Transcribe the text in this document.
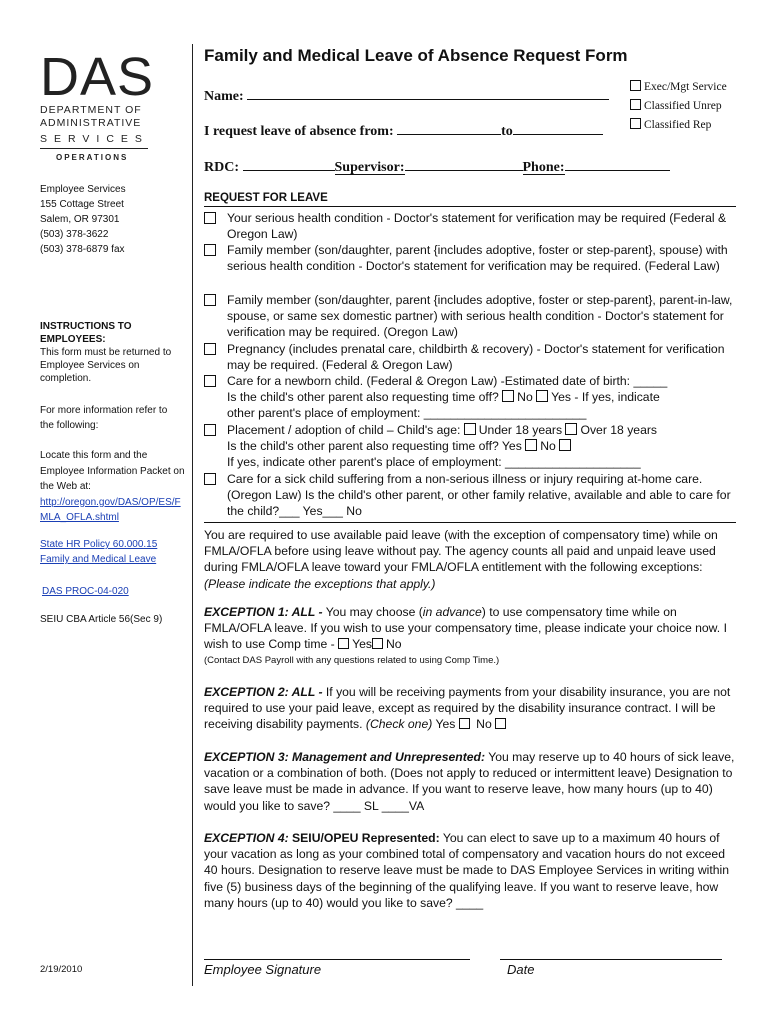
DAS
DEPARTMENT OF
ADMINISTRATIVE
SERVICES
OPERATIONS
Employee Services
155 Cottage Street
Salem, OR 97301
(503) 378-3622
(503) 378-6879 fax
INSTRUCTIONS TO EMPLOYEES:
This form must be returned to Employee Services on completion.
For more information refer to the following:
Locate this form and the Employee Information Packet on the Web at:
http://oregon.gov/DAS/OP/ES/FMLA_OFLA.shtml
State HR Policy 60.000.15 Family and Medical Leave
DAS PROC-04-020
SEIU CBA Article 56(Sec 9)
2/19/2010
Family and Medical Leave of Absence Request Form
Name:
I request leave of absence from:	to
Exec/Mgt Service
Classified Unrep
Classified Rep
RDC:	Supervisor:	Phone:
REQUEST FOR LEAVE
Your serious health condition - Doctor's statement for verification may be required (Federal & Oregon Law)
Family member (son/daughter, parent {includes adoptive, foster or step-parent}, spouse) with serious health condition - Doctor's statement for verification may be required. (Federal Law)
Family member (son/daughter, parent {includes adoptive, foster or step-parent}, parent-in-law, spouse, or same sex domestic partner) with serious health condition - Doctor's statement for verification may be required. (Oregon Law)
Pregnancy (includes prenatal care, childbirth & recovery) - Doctor's statement for verification may be required. (Federal & Oregon Law)
Care for a newborn child. (Federal & Oregon Law) -Estimated date of birth: _____
Is the child's other parent also requesting time off? No Yes - If yes, indicate
other parent's place of employment: ________________________
Placement / adoption of child – Child's age: Under 18 years Over 18 years
Is the child's other parent also requesting time off? Yes No
If yes, indicate other parent's place of employment: ____________________
Care for a sick child suffering from a non-serious illness or injury requiring at-home care. (Oregon Law) Is the child's other parent, or other family relative, available and able to care for the child?___ Yes___ No
You are required to use available paid leave (with the exception of compensatory time) while on FMLA/OFLA before using leave without pay. The agency counts all paid and unpaid leave used during FMLA/OFLA leave toward your FMLA/OFLA entitlement with the following exceptions: (Please indicate the exceptions that apply.)
EXCEPTION 1: ALL - You may choose (in advance) to use compensatory time while on FMLA/OFLA leave. If you wish to use your compensatory time, please indicate your choice now. I wish to use Comp time - Yes No
(Contact DAS Payroll with any questions related to using Comp Time.)
EXCEPTION 2: ALL - If you will be receiving payments from your disability insurance, you are not required to use your paid leave, except as required by the disability insurance contract. I will be receiving disability payments. (Check one) Yes No
EXCEPTION 3: Management and Unrepresented: You may reserve up to 40 hours of sick leave, vacation or a combination of both. (Does not apply to reduced or intermittent leave) Designation to save leave must be made in advance. If you want to reserve leave, how many hours (up to 40) would you like to save? ____ SL ____VA
EXCEPTION 4: SEIU/OPEU Represented: You can elect to save up to a maximum 40 hours of your vacation as long as your combined total of compensatory and vacation hours do not exceed 40 hours. Designation to reserve leave must be made to DAS Employee Services in writing within five (5) business days of the beginning of the qualifying leave. If you want to reserve leave, how many hours (up to 40) would you like to save? ____
Employee Signature	Date
